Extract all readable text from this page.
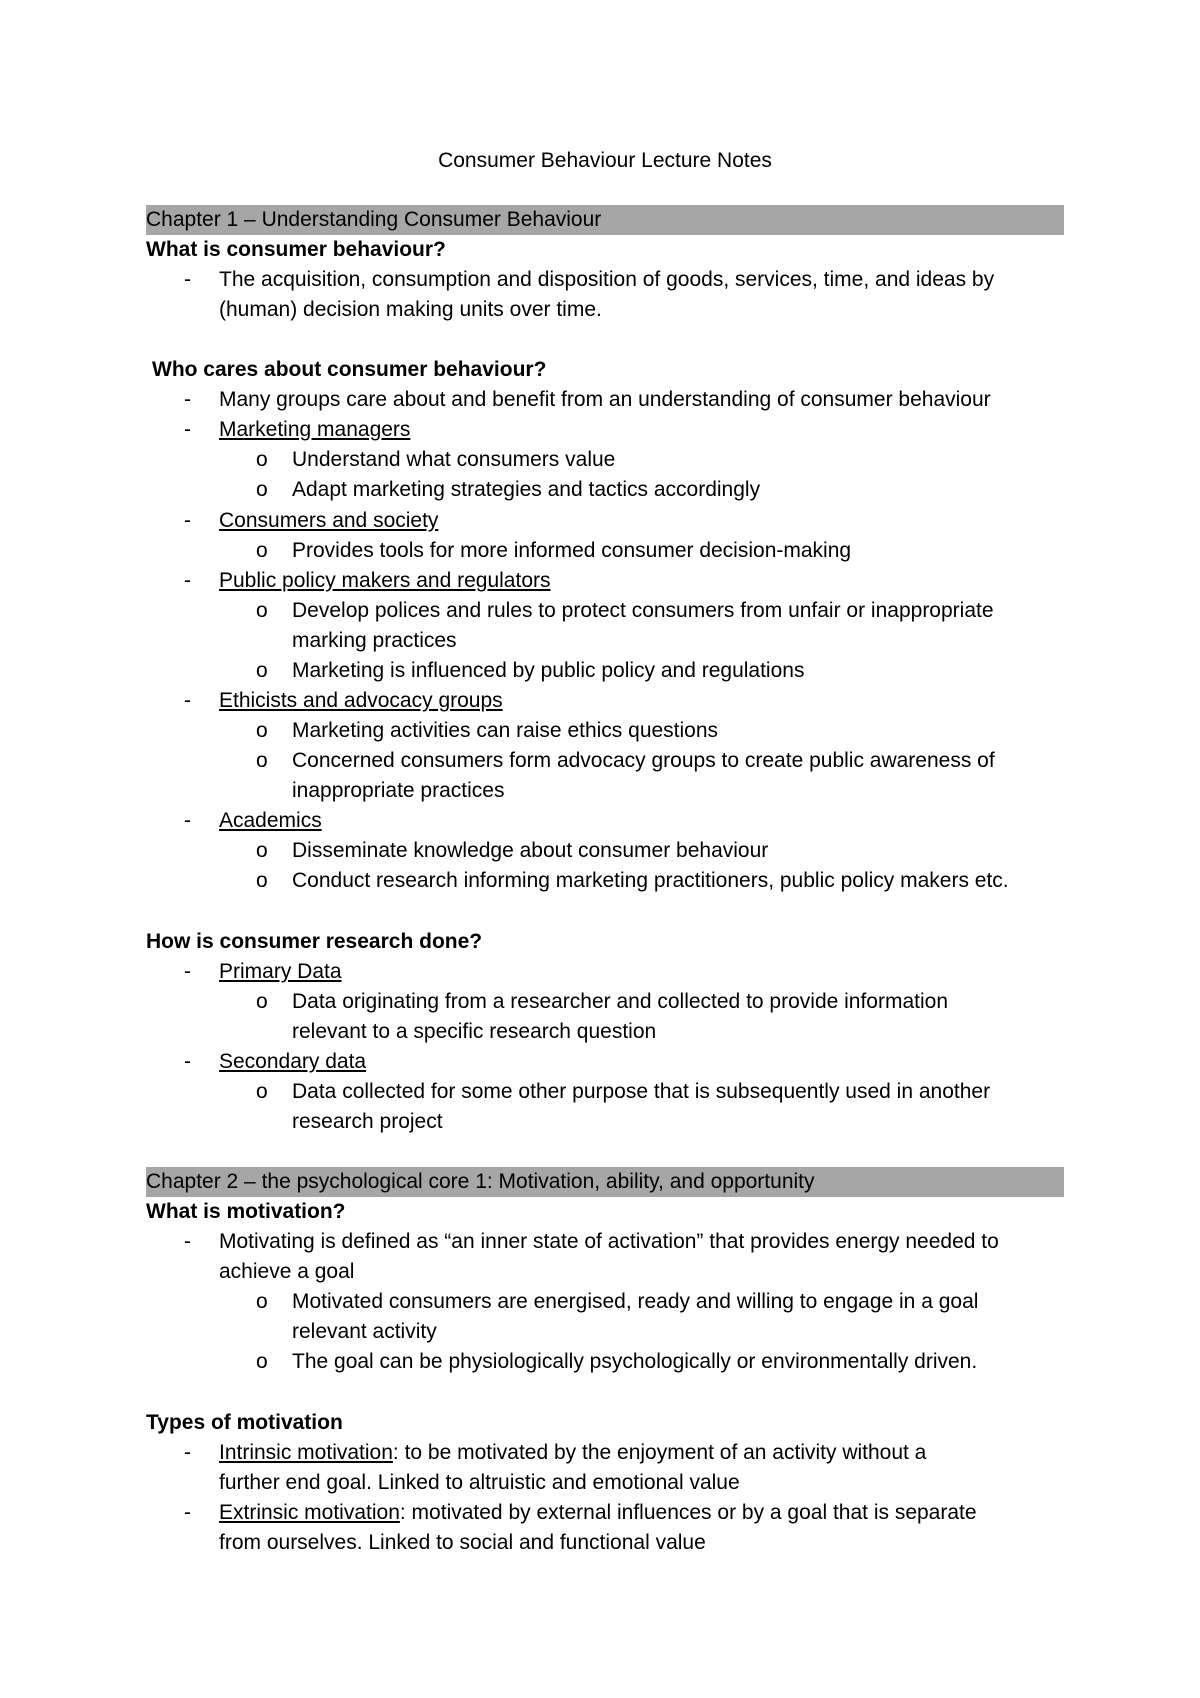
Consumer Behaviour Lecture Notes
Chapter 1 – Understanding Consumer Behaviour
What is consumer behaviour?
- The acquisition, consumption and disposition of goods, services, time, and ideas by
(human) decision making units over time.
Who cares about consumer behaviour?
- Many groups care about and benefit from an understanding of consumer behaviour
- Marketing managers
o Understand what consumers value
o Adapt marketing strategies and tactics accordingly
- Consumers and society
o Provides tools for more informed consumer decision-making
- Public policy makers and regulators
o Develop polices and rules to protect consumers from unfair or inappropriate
marking practices
o Marketing is influenced by public policy and regulations
- Ethicists and advocacy groups
o Marketing activities can raise ethics questions
o Concerned consumers form advocacy groups to create public awareness of
inappropriate practices
- Academics
o Disseminate knowledge about consumer behaviour
o Conduct research informing marketing practitioners, public policy makers etc.
How is consumer research done?
- Primary Data
o Data originating from a researcher and collected to provide information
relevant to a specific research question
- Secondary data
o Data collected for some other purpose that is subsequently used in another
research project
Chapter 2 – the psychological core 1: Motivation, ability, and opportunity
What is motivation?
- Motivating is defined as “an inner state of activation” that provides energy needed to
achieve a goal
o Motivated consumers are energised, ready and willing to engage in a goal
relevant activity
o The goal can be physiologically psychologically or environmentally driven.
Types of motivation
- Intrinsic motivation: to be motivated by the enjoyment of an activity without a
further end goal. Linked to altruistic and emotional value
- Extrinsic motivation: motivated by external influences or by a goal that is separate
from ourselves. Linked to social and functional value
